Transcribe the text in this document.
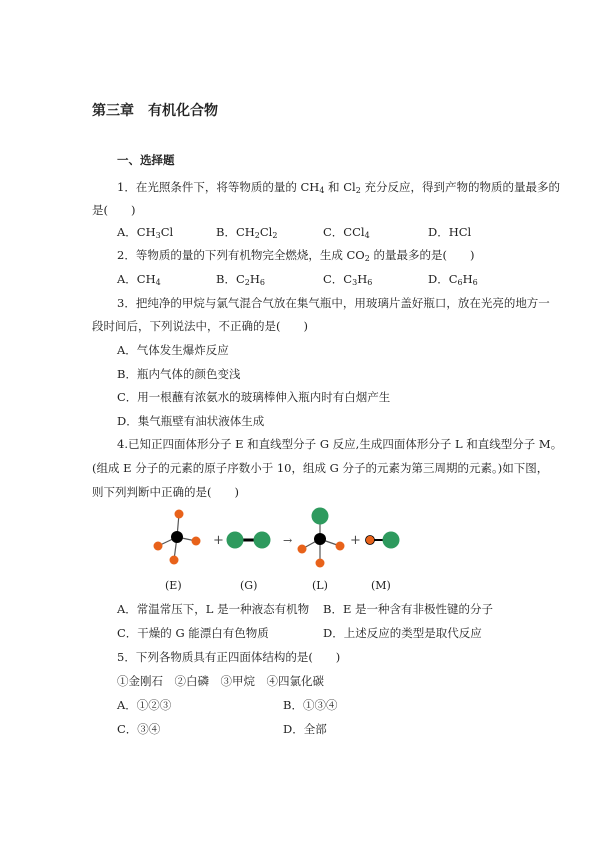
第三章　有机化合物
一、选择题
1．在光照条件下，将等物质的量的 $CH_4$ 和 $Cl_2$ 充分反应，得到产物的物质的量最多的
是(　　)
A．$CH_3Cl$	B．$CH_2Cl_2$	C．CCl$_4$	D．HCl
2．等物质的量的下列有机物完全燃烧，生成 $CO_2$ 的量最多的是(　　)
A．$CH_4$	B．$C_2H_6$	C．$C_3H_6$	D．$C_6H_6$
3．把纯净的甲烷与氯气混合气放在集气瓶中，用玻璃片盖好瓶口，放在光亮的地方一
段时间后，下列说法中，不正确的是(　　)
A．气体发生爆炸反应
B．瓶内气体的颜色变浅
C．用一根蘸有浓氨水的玻璃棒伸入瓶内时有白烟产生
D．集气瓶壁有油状液体生成
4.已知正四面体形分子 E 和直线型分子 G 反应,生成四面体形分子 L 和直线型分子 M。
(组成 E 分子的元素的原子序数小于 10，组成 G 分子的元素为第三周期的元素。)如下图，
则下列判断中正确的是(　　)
A．常温常压下，L 是一种液态有机物 B．E 是一种含有非极性键的分子
C．干燥的 G 能漂白有色物质	D．上述反应的类型是取代反应
5．下列各物质具有正四面体结构的是(　　)
①金刚石　②白磷　③甲烷　④四氯化碳
A．①②③	B．①③④
C．③④	D．全部
+	→	+
(E)	(G)	(L)	(M)
